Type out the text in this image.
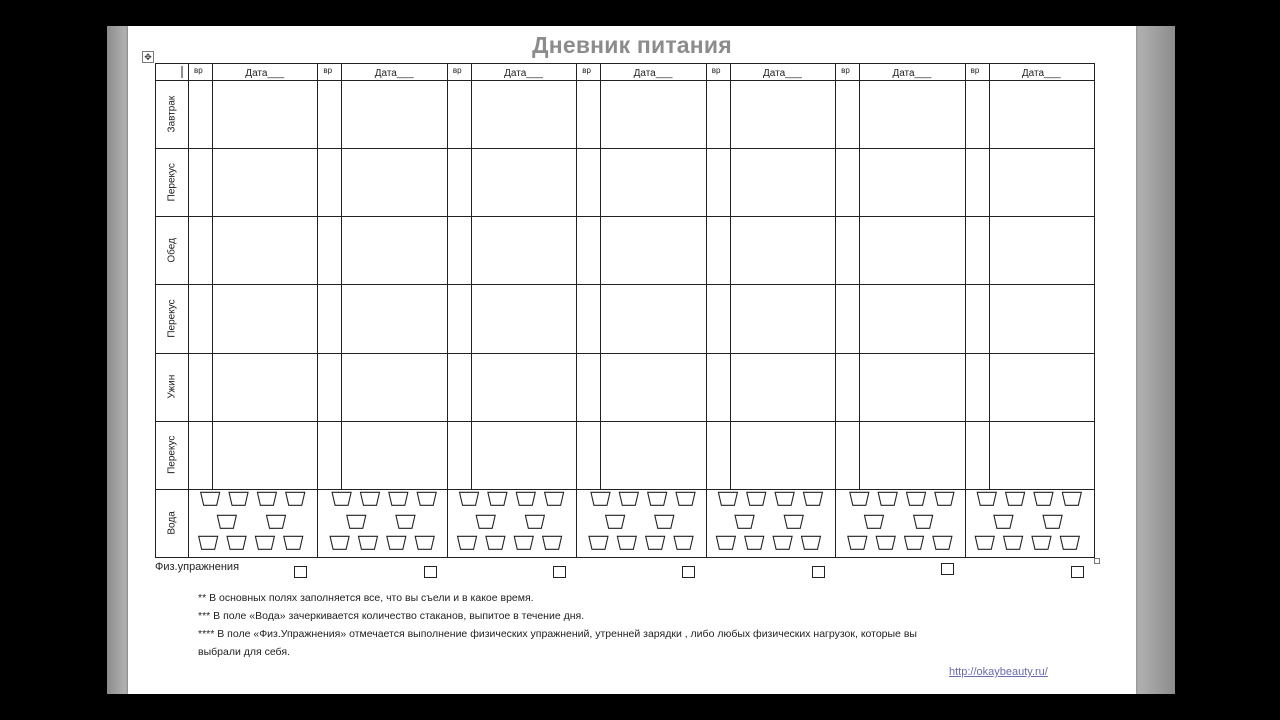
Дневник питания
✥
вр	Дата___	вр	Дата___	вр	Дата___	вр	Дата___	вр	Дата___	вр	Дата___	вр	Дата___
Завтрак
Перекус
Обед
Перекус
Ужин
Перекус
Вода
Физ.упражнения
** В основных полях заполняется все, что вы съели и в какое время.
*** В поле «Вода» зачеркивается количество стаканов, выпитое в течение дня.
**** В поле «Физ.Упражнения» отмечается выполнение физических упражнений, утренней зарядки , либо любых физических нагрузок, которые вы
выбрали для себя.
http://okaybeauty.ru/
